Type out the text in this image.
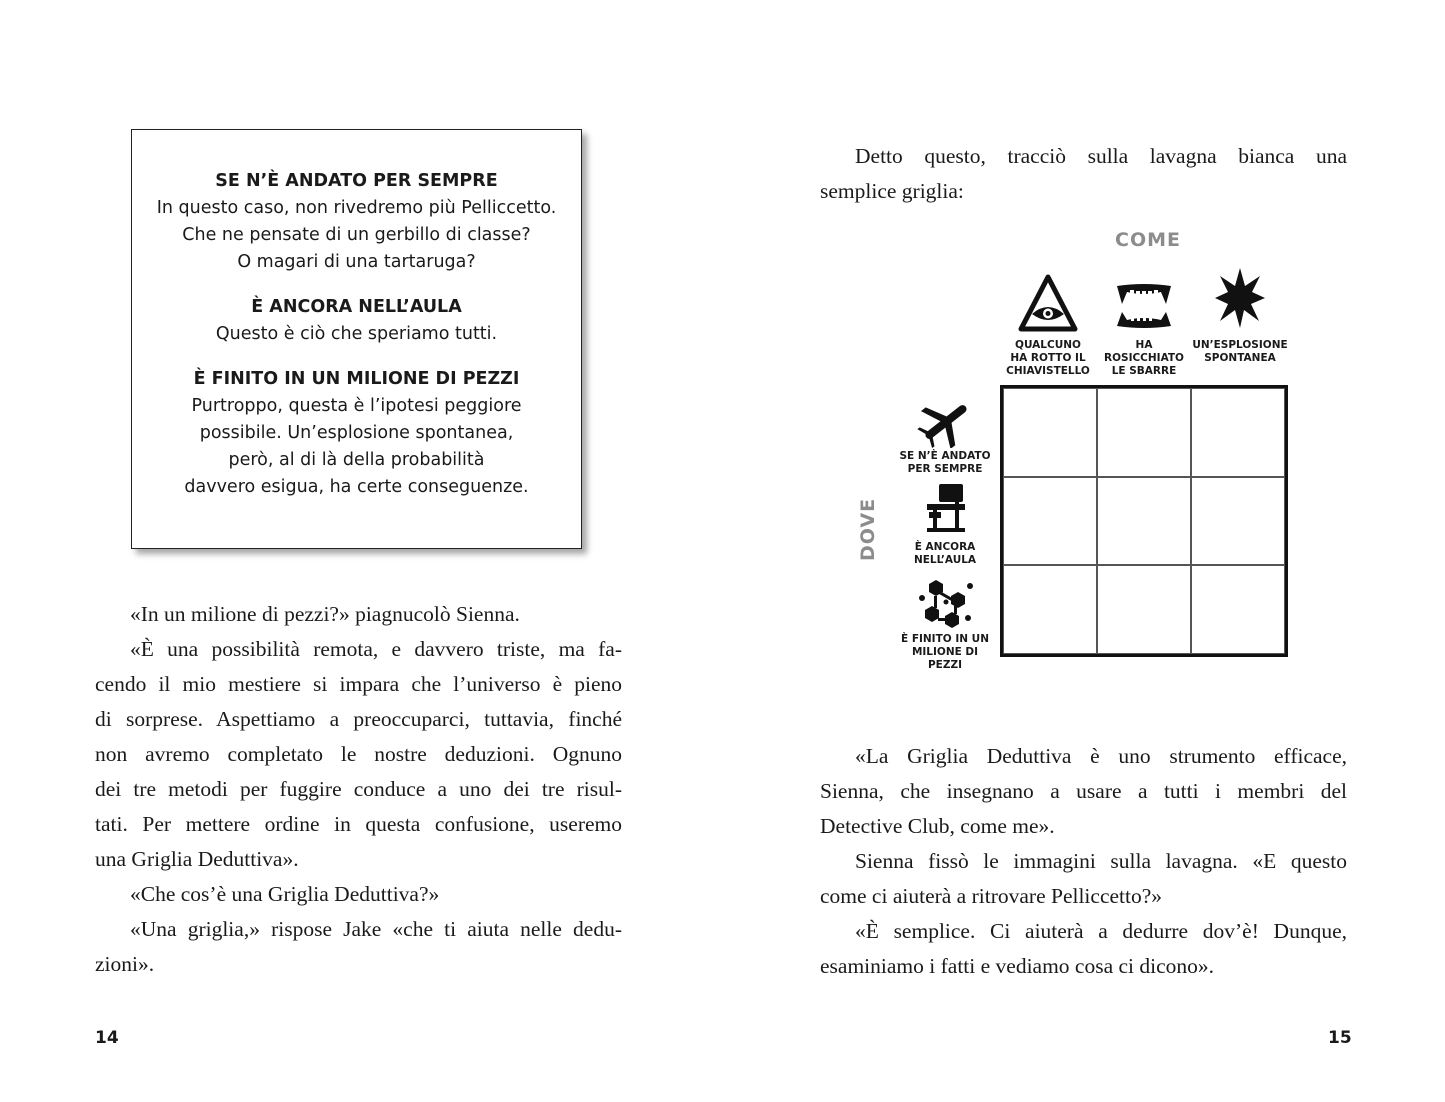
SE N’È ANDATO PER SEMPRE
In questo caso, non rivedremo più Pelliccetto.
Che ne pensate di un gerbillo di classe?
O magari di una tartaruga?
È ANCORA NELL’AULA
Questo è ciò che speriamo tutti.
È FINITO IN UN MILIONE DI PEZZI
Purtroppo, questa è l’ipotesi peggiore
possibile. Un’esplosione spontanea,
però, al di là della probabilità
davvero esigua, ha certe conseguenze.

«In un milione di pezzi?» piagnucolò Sienna.

«È una possibilità remota, e davvero triste, ma fa-
cendo il mio mestiere si impara che l’universo è pieno
di sorprese. Aspettiamo a preoccuparci, tuttavia, finché
non avremo completato le nostre deduzioni. Ognuno
dei tre metodi per fuggire conduce a uno dei tre risul-
tati. Per mettere ordine in questa confusione, useremo
una Griglia Deduttiva».

«Che cos’è una Griglia Deduttiva?»

«Una griglia,» rispose Jake «che ti aiuta nelle dedu-
zioni».

14

Detto questo, tracciò sulla lavagna bianca una
semplice griglia:

COME
DOVE
QUALCUNO
HA ROTTO IL
CHIAVISTELLO
HA
ROSICCHIATO
LE SBARRE
UN’ESPLOSIONE
SPONTANEA
SE N’È ANDATO
PER SEMPRE
È ANCORA
NELL’AULA
È FINITO IN UN
MILIONE DI PEZZI

«La Griglia Deduttiva è uno strumento efficace,
Sienna, che insegnano a usare a tutti i membri del
Detective Club, come me».

Sienna fissò le immagini sulla lavagna. «E questo
come ci aiuterà a ritrovare Pelliccetto?»

«È semplice. Ci aiuterà a dedurre dov’è! Dunque,
esaminiamo i fatti e vediamo cosa ci dicono».

15
